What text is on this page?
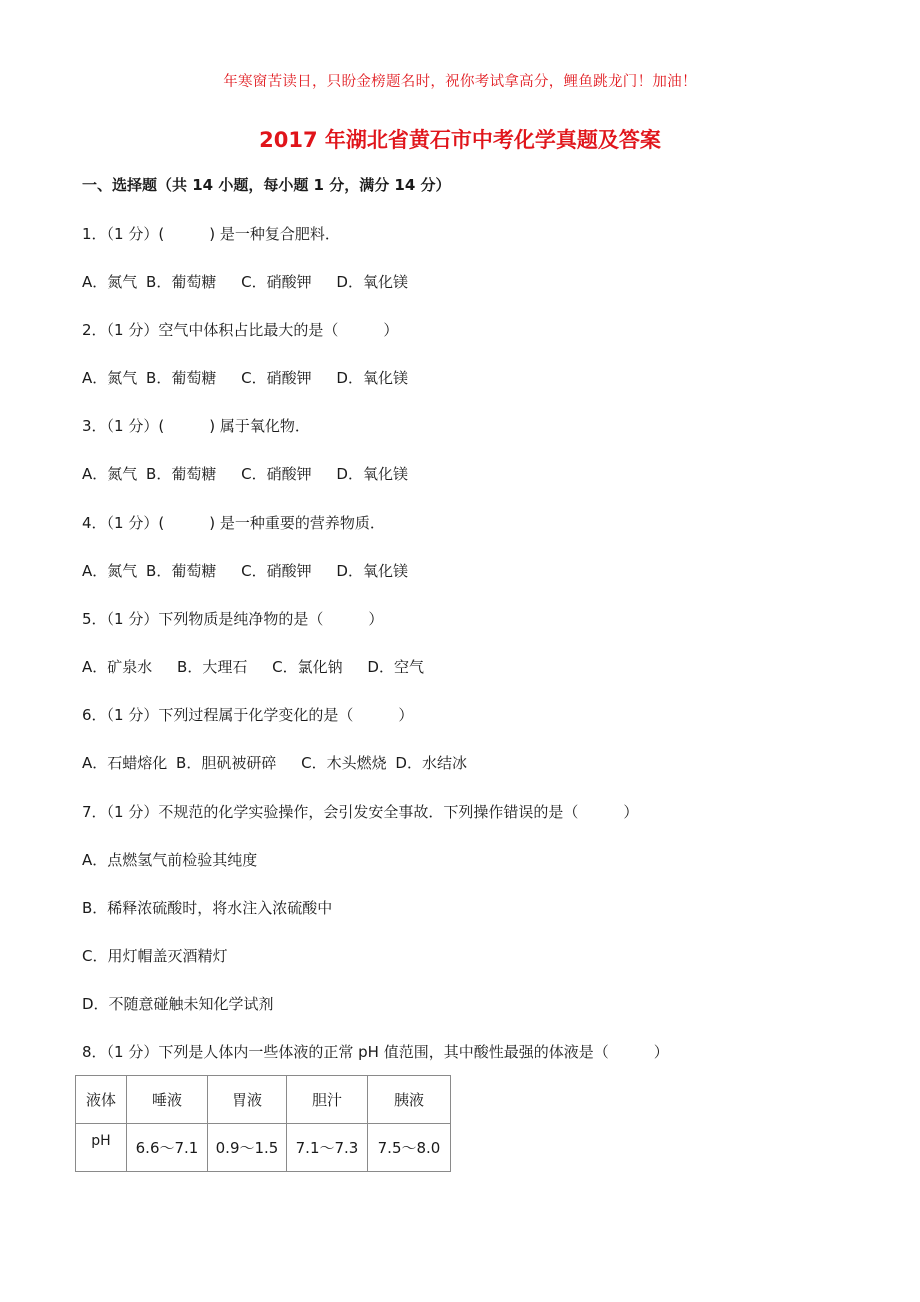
年寒窗苦读日，只盼金榜题名时，祝你考试拿高分，鲤鱼跳龙门！加油！
2017 年湖北省黄石市中考化学真题及答案
一、选择题（共 14 小题，每小题 1 分，满分 14 分）
1．（1 分）(　　　) 是一种复合肥料．
A．氮气 B．葡萄糖 C．硝酸钾 D．氧化镁
2．（1 分）空气中体积占比最大的是（　　　）
A．氮气 B．葡萄糖 C．硝酸钾 D．氧化镁
3．（1 分）(　　　) 属于氧化物．
A．氮气 B．葡萄糖 C．硝酸钾 D．氧化镁
4．（1 分）(　　　) 是一种重要的营养物质．
A．氮气 B．葡萄糖 C．硝酸钾 D．氧化镁
5．（1 分）下列物质是纯净物的是（　　　）
A．矿泉水 B．大理石 C．氯化钠 D．空气
6．（1 分）下列过程属于化学变化的是（　　　）
A．石蜡熔化 B．胆矾被研碎 C．木头燃烧 D．水结冰
7．（1 分）不规范的化学实验操作，会引发安全事故．下列操作错误的是（　　　）
A．点燃氢气前检验其纯度
B．稀释浓硫酸时，将水注入浓硫酸中
C．用灯帽盖灭酒精灯
D．不随意碰触未知化学试剂
8．（1 分）下列是人体内一些体液的正常 pH 值范围，其中酸性最强的体液是（　　　）
液体	唾液	胃液	胆汁	胰液
pH	6.6～7.1	0.9～1.5	7.1～7.3	7.5～8.0
